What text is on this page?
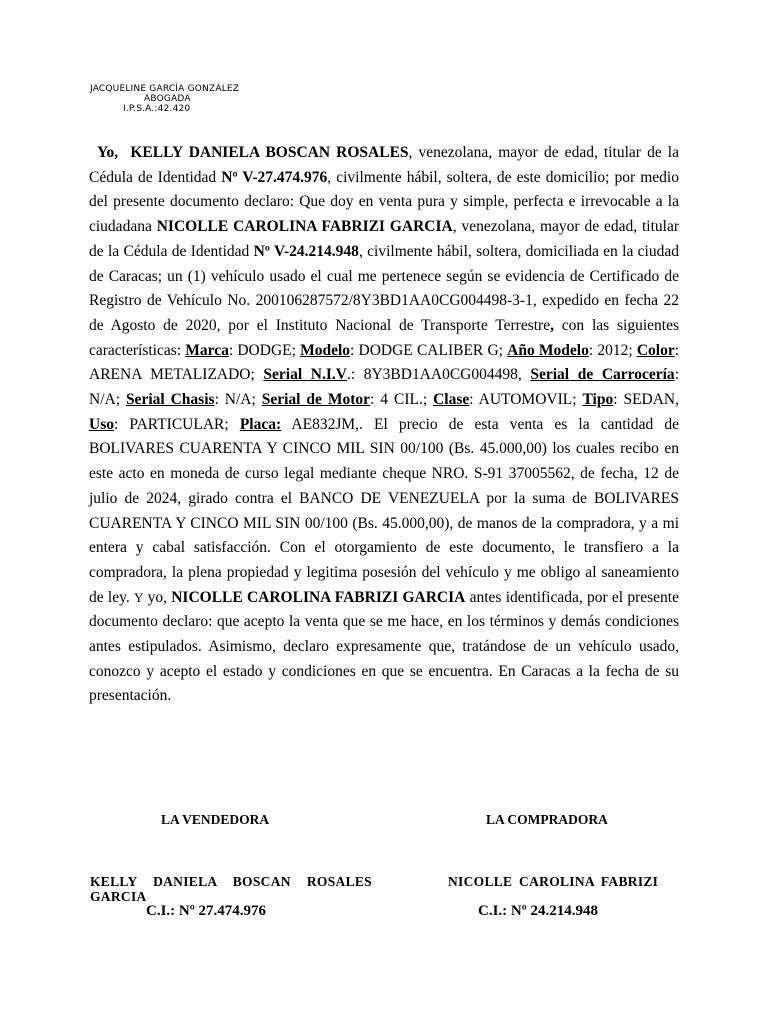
JACQUELINE GARCÍA GONZÁLEZ
ABOGADA
I.P.S.A.:42.420

Yo, KELLY DANIELA BOSCAN ROSALES, venezolana, mayor de edad, titular de la Cédula de Identidad Nº V-27.474.976, civilmente hábil, soltera, de este domicilio; por medio del presente documento declaro: Que doy en venta pura y simple, perfecta e irrevocable a la ciudadana NICOLLE CAROLINA FABRIZI GARCIA, venezolana, mayor de edad, titular de la Cédula de Identidad Nº V-24.214.948, civilmente hábil, soltera, domiciliada en la ciudad de Caracas; un (1) vehículo usado el cual me pertenece según se evidencia de Certificado de Registro de Vehículo No. 200106287572/8Y3BD1AA0CG004498-3-1, expedido en fecha 22 de Agosto de 2020, por el Instituto Nacional de Transporte Terrestre, con las siguientes características: Marca: DODGE; Modelo: DODGE CALIBER G; Año Modelo: 2012; Color: ARENA METALIZADO; Serial N.I.V.: 8Y3BD1AA0CG004498, Serial de Carrocería: N/A; Serial Chasis: N/A; Serial de Motor: 4 CIL.; Clase: AUTOMOVIL; Tipo: SEDAN, Uso: PARTICULAR; Placa: AE832JM,. El precio de esta venta es la cantidad de BOLIVARES CUARENTA Y CINCO MIL SIN 00/100 (Bs. 45.000,00) los cuales recibo en este acto en moneda de curso legal mediante cheque NRO. S-91 37005562, de fecha, 12 de julio de 2024, girado contra el BANCO DE VENEZUELA por la suma de BOLIVARES CUARENTA Y CINCO MIL SIN 00/100 (Bs. 45.000,00), de manos de la compradora, y a mi entera y cabal satisfacción. Con el otorgamiento de este documento, le transfiero a la compradora, la plena propiedad y legitima posesión del vehículo y me obligo al saneamiento de ley. Y yo, NICOLLE CAROLINA FABRIZI GARCIA antes identificada, por el presente documento declaro: que acepto la venta que se me hace, en los términos y demás condiciones antes estipulados. Asimismo, declaro expresamente que, tratándose de un vehículo usado, conozco y acepto el estado y condiciones en que se encuentra. En Caracas a la fecha de su presentación.

LA VENDEDORA	LA COMPRADORA
KELLY DANIELA BOSCAN ROSALES GARCIA
NICOLLE CAROLINA FABRIZI
C.I.: Nº 27.474.976	C.I.: Nº 24.214.948
